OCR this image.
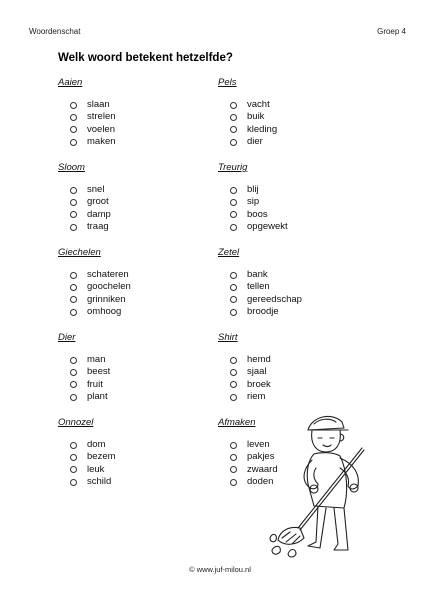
Woordenschat	Groep 4
Welk woord betekent hetzelfde?
Aaien
slaan
strelen
voelen
maken
Sloom
snel
groot
damp
traag
Giechelen
schateren
goochelen
grinniken
omhoog
Dier
man
beest
fruit
plant
Onnozel
dom
bezem
leuk
schild
Pels
vacht
buik
kleding
dier
Treurig
blij
sip
boos
opgewekt
Zetel
bank
tellen
gereedschap
broodje
Shirt
hemd
sjaal
broek
riem
Afmaken
leven
pakjes
zwaard
doden
© www.juf-milou.nl
